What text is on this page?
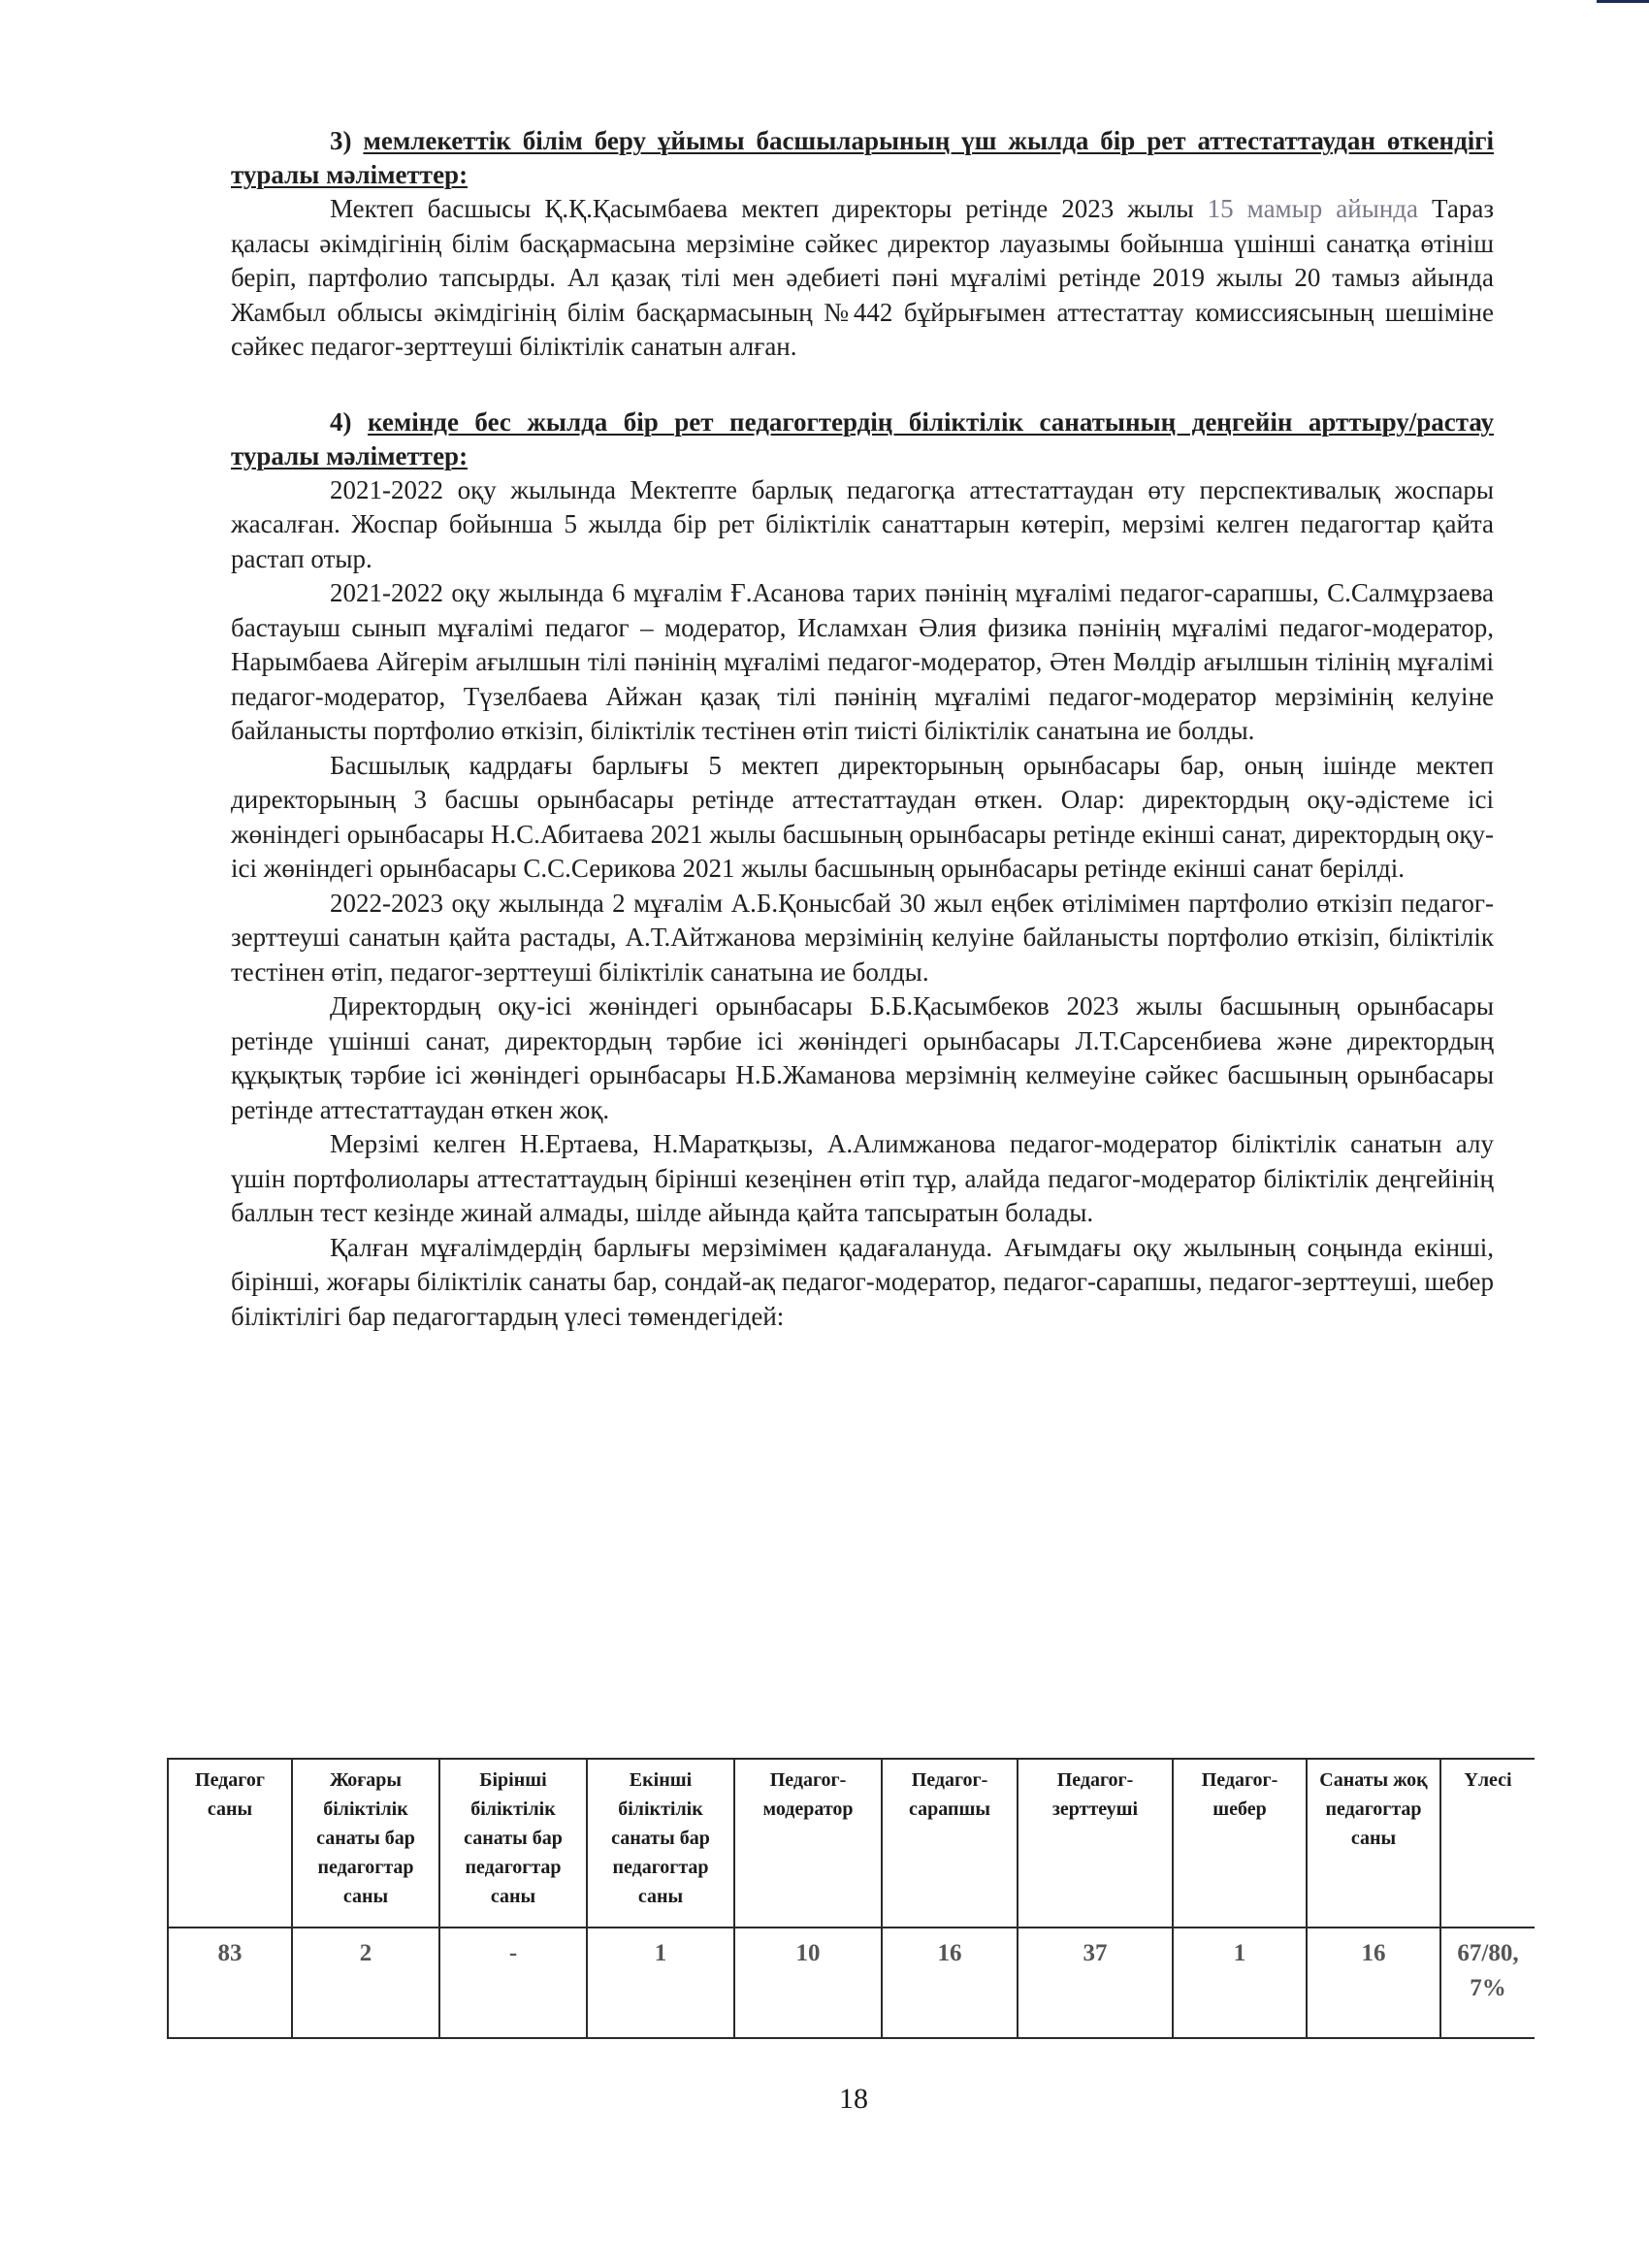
3) мемлекеттік білім беру ұйымы басшыларының үш жылда бір рет аттестаттаудан өткендігі туралы мәліметтер:

Мектеп басшысы Қ.Қ.Қасымбаева мектеп директоры ретінде 2023 жылы 15 мамыр айында Тараз қаласы әкімдігінің білім басқармасына мерзіміне сәйкес директор лауазымы бойынша үшінші санатқа өтініш беріп, партфолио тапсырды. Ал қазақ тілі мен әдебиеті пәні мұғалімі ретінде 2019 жылы 20 тамыз айында Жамбыл облысы әкімдігінің білім басқармасының №442 бұйрығымен аттестаттау комиссиясының шешіміне сәйкес педагог-зерттеуші біліктілік санатын алған.

4) кемінде бес жылда бір рет педагогтердің біліктілік санатының деңгейін арттыру/растау туралы мәліметтер:

2021-2022 оқу жылында Мектепте барлық педагогқа аттестаттаудан өту перспективалық жоспары жасалған. Жоспар бойынша 5 жылда бір рет біліктілік санаттарын көтеріп, мерзімі келген педагогтар қайта растап отыр.

2021-2022 оқу жылында 6 мұғалім Ғ.Асанова тарих пәнінің мұғалімі педагог-сарапшы, С.Салмұрзаева бастауыш сынып мұғалімі педагог – модератор, Исламхан Әлия физика пәнінің мұғалімі педагог-модератор, Нарымбаева Айгерім ағылшын тілі пәнінің мұғалімі педагог-модератор, Әтен Мөлдір ағылшын тілінің мұғалімі педагог-модератор, Түзелбаева Айжан қазақ тілі пәнінің мұғалімі педагог-модератор мерзімінің келуіне байланысты портфолио өткізіп, біліктілік тестінен өтіп тиісті біліктілік санатына ие болды.

Басшылық кадрдағы барлығы 5 мектеп директорының орынбасары бар, оның ішінде мектеп директорының 3 басшы орынбасары ретінде аттестаттаудан өткен. Олар: директордың оқу-әдістеме ісі жөніндегі орынбасары Н.С.Абитаева 2021 жылы басшының орынбасары ретінде екінші санат, директордың оқу-ісі жөніндегі орынбасары С.С.Серикова 2021 жылы басшының орынбасары ретінде екінші санат берілді.

2022-2023 оқу жылында 2 мұғалім А.Б.Қонысбай 30 жыл еңбек өтілімімен партфолио өткізіп педагог-зерттеуші санатын қайта растады, А.Т.Айтжанова мерзімінің келуіне байланысты портфолио өткізіп, біліктілік тестінен өтіп, педагог-зерттеуші біліктілік санатына ие болды.

Директордың оқу-ісі жөніндегі орынбасары Б.Б.Қасымбеков 2023 жылы басшының орынбасары ретінде үшінші санат, директордың тәрбие ісі жөніндегі орынбасары Л.Т.Сарсенбиева және директордың құқықтық тәрбие ісі жөніндегі орынбасары Н.Б.Жаманова мерзімнің келмеуіне сәйкес басшының орынбасары ретінде аттестаттаудан өткен жоқ.

Мерзімі келген Н.Ертаева, Н.Маратқызы, А.Алимжанова педагог-модератор біліктілік санатын алу үшін портфолиолары аттестаттаудың бірінші кезеңінен өтіп тұр, алайда педагог-модератор біліктілік деңгейінің баллын тест кезінде жинай алмады, шілде айында қайта тапсыратын болады.

Қалған мұғалімдердің барлығы мерзімімен қадағалануда. Ағымдағы оқу жылының соңында екінші, бірінші, жоғары біліктілік санаты бар, сондай-ақ педагог-модератор, педагог-сарапшы, педагог-зерттеуші, шебер біліктілігі бар педагогтардың үлесі төмендегідей:

Педагог саны	Жоғары біліктілік санаты бар педагогтар саны	Бірінші біліктілік санаты бар педагогтар саны	Екінші біліктілік санаты бар педагогтар саны	Педагог-модератор	Педагог-сарапшы	Педагог-зерттеуші	Педагог-шебер	Санаты жоқ педагогтар саны	Үлесі
83	2	-	1	10	16	37	1	16	67/80, 7%
18
